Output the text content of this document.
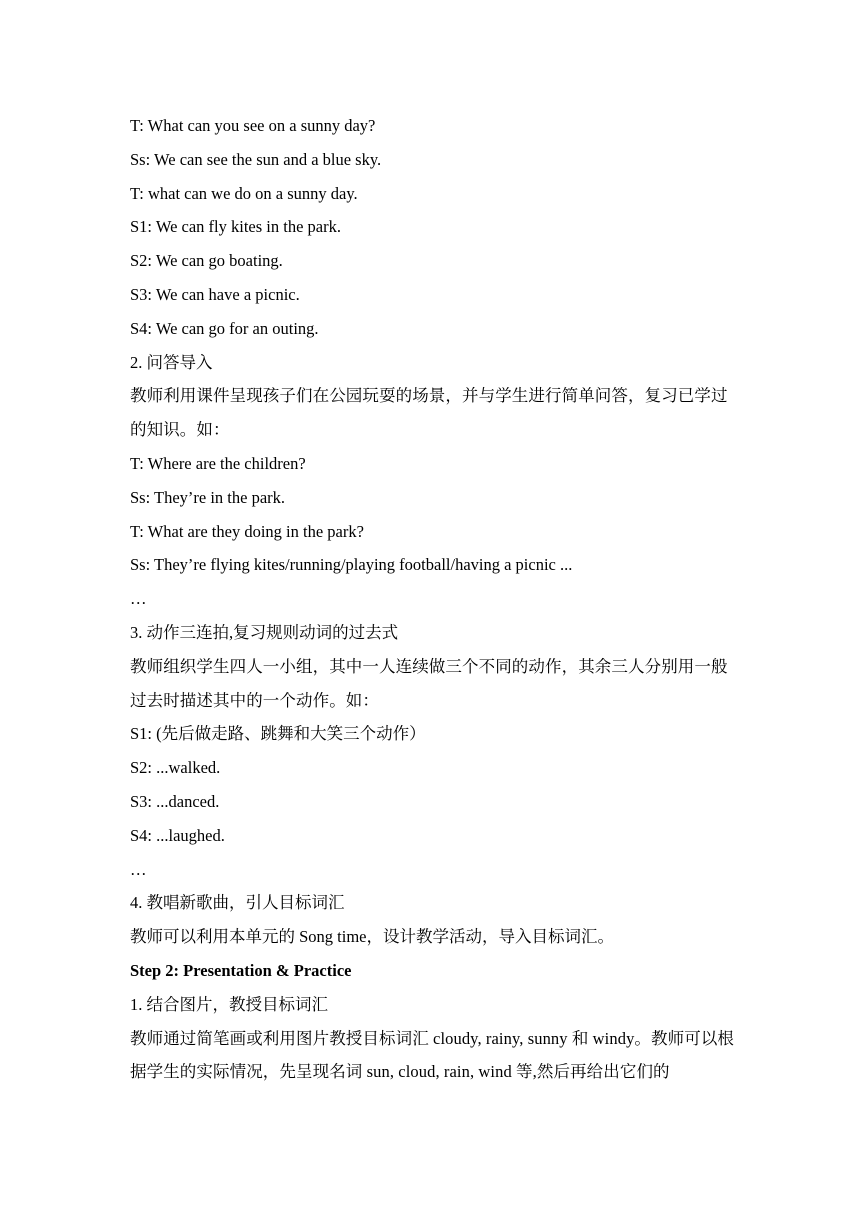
T: What can you see on a sunny day?
Ss: We can see the sun and a blue sky.
T: what can we do on a sunny day.
S1: We can fly kites in the park.
S2: We can go boating.
S3: We can have a picnic.
S4: We can go for an outing.
2. 问答导入
教师利用课件呈现孩子们在公园玩耍的场景，并与学生进行简单问答，复习已学过的知识。如：
T: Where are the children?
Ss: They’re in the park.
T: What are they doing in the park?
Ss: They’re flying kites/running/playing football/having a picnic ...
…
3. 动作三连拍,复习规则动词的过去式
教师组织学生四人一小组，其中一人连续做三个不同的动作，其余三人分别用一般过去时描述其中的一个动作。如：
S1: (先后做走路、跳舞和大笑三个动作）
S2: ...walked.
S3: ...danced.
S4: ...laughed.
…
4. 教唱新歌曲，引人目标词汇
教师可以利用本单元的 Song time，设计教学活动，导入目标词汇。
Step 2: Presentation & Practice
1. 结合图片，教授目标词汇
教师通过简笔画或利用图片教授目标词汇 cloudy, rainy, sunny 和 windy。教师可以根据学生的实际情况，先呈现名词 sun, cloud, rain, wind 等,然后再给出它们的
